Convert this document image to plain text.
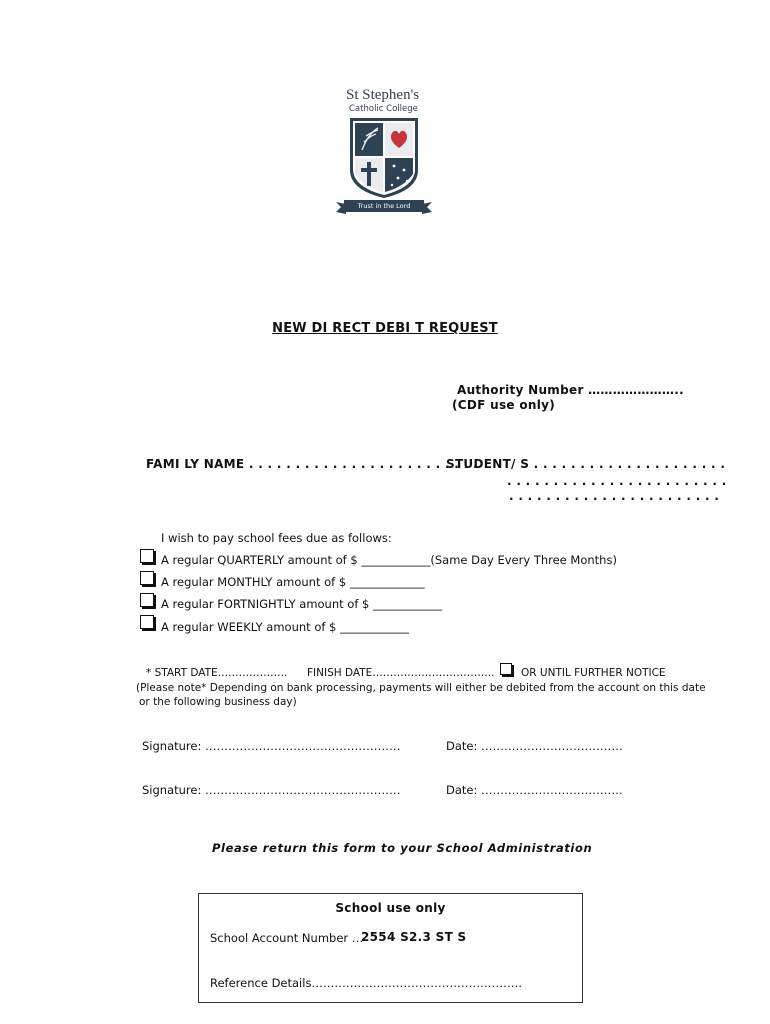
St Stephen's
Catholic College
Trust in the Lord
NEW DI RECT DEBI T REQUEST
Authority Number …………………..
(CDF use only)
FAMI LY NAME . . . . . . . . . . . . . . . . . . . . . . . . .
STUDENT/ S . . . . . . . . . . . . . . . . . . . . .
. . . . . . . . . . . . . . . . . . . . . . . .
. . . . . . . . . . . . . . . . . . . . . . .
I wish to pay school fees due as follows:
A regular QUARTERLY amount of $ ____________(Same Day Every Three Months)
A regular MONTHLY amount of $ _____________
A regular FORTNIGHTLY amount of $ ____________
A regular WEEKLY amount of $ ____________
* START DATE……………….. FINISH DATE……………………………..	OR UNTIL FURTHER NOTICE
(Please note* Depending on bank processing, payments will either be debited from the account on this date
or the following business day)
Signature: ……………………………………………	Date: ……………………………….
Signature: ……………………………………………	Date: ……………………………….
Please return this form to your School Administration
School use only
School Account Number …
2554 S2.3 ST S
Reference Details……………………………………………….
